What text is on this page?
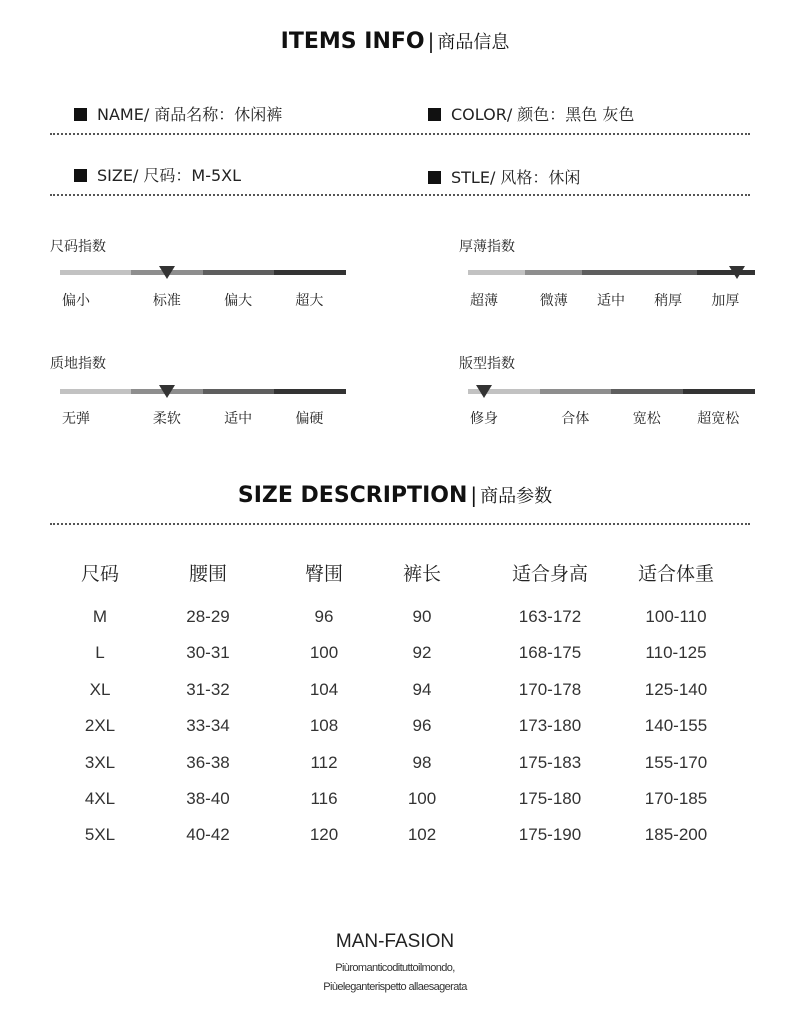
ITEMS INFO | 商品信息
NAME/ 商品名称：休闲裤	COLOR/ 颜色：黑色 灰色
SIZE/ 尺码：M-5XL	STLE/ 风格：休闲
尺码指数
偏小	标准	偏大	超大
厚薄指数
超薄	微薄 适中 稍厚 加厚
质地指数
无弹	柔软	适中	偏硬
版型指数
修身	合体	宽松	超宽松
SIZE DESCRIPTION | 商品参数
尺码	腰围	臀围	裤长	适合身高	适合体重
M	28-29	96	90	163-172	100-110
L	30-31	100	92	168-175	110-125
XL	31-32	104	94	170-178	125-140
2XL	33-34	108	96	173-180	140-155
3XL	36-38	112	98	175-183	155-170
4XL	38-40	116	100	175-180	170-185
5XL	40-42	120	102	175-190	185-200
MAN-FASION
Piùromanticodituttoilmondo,
Piùeleganterispetto allaesagerata
